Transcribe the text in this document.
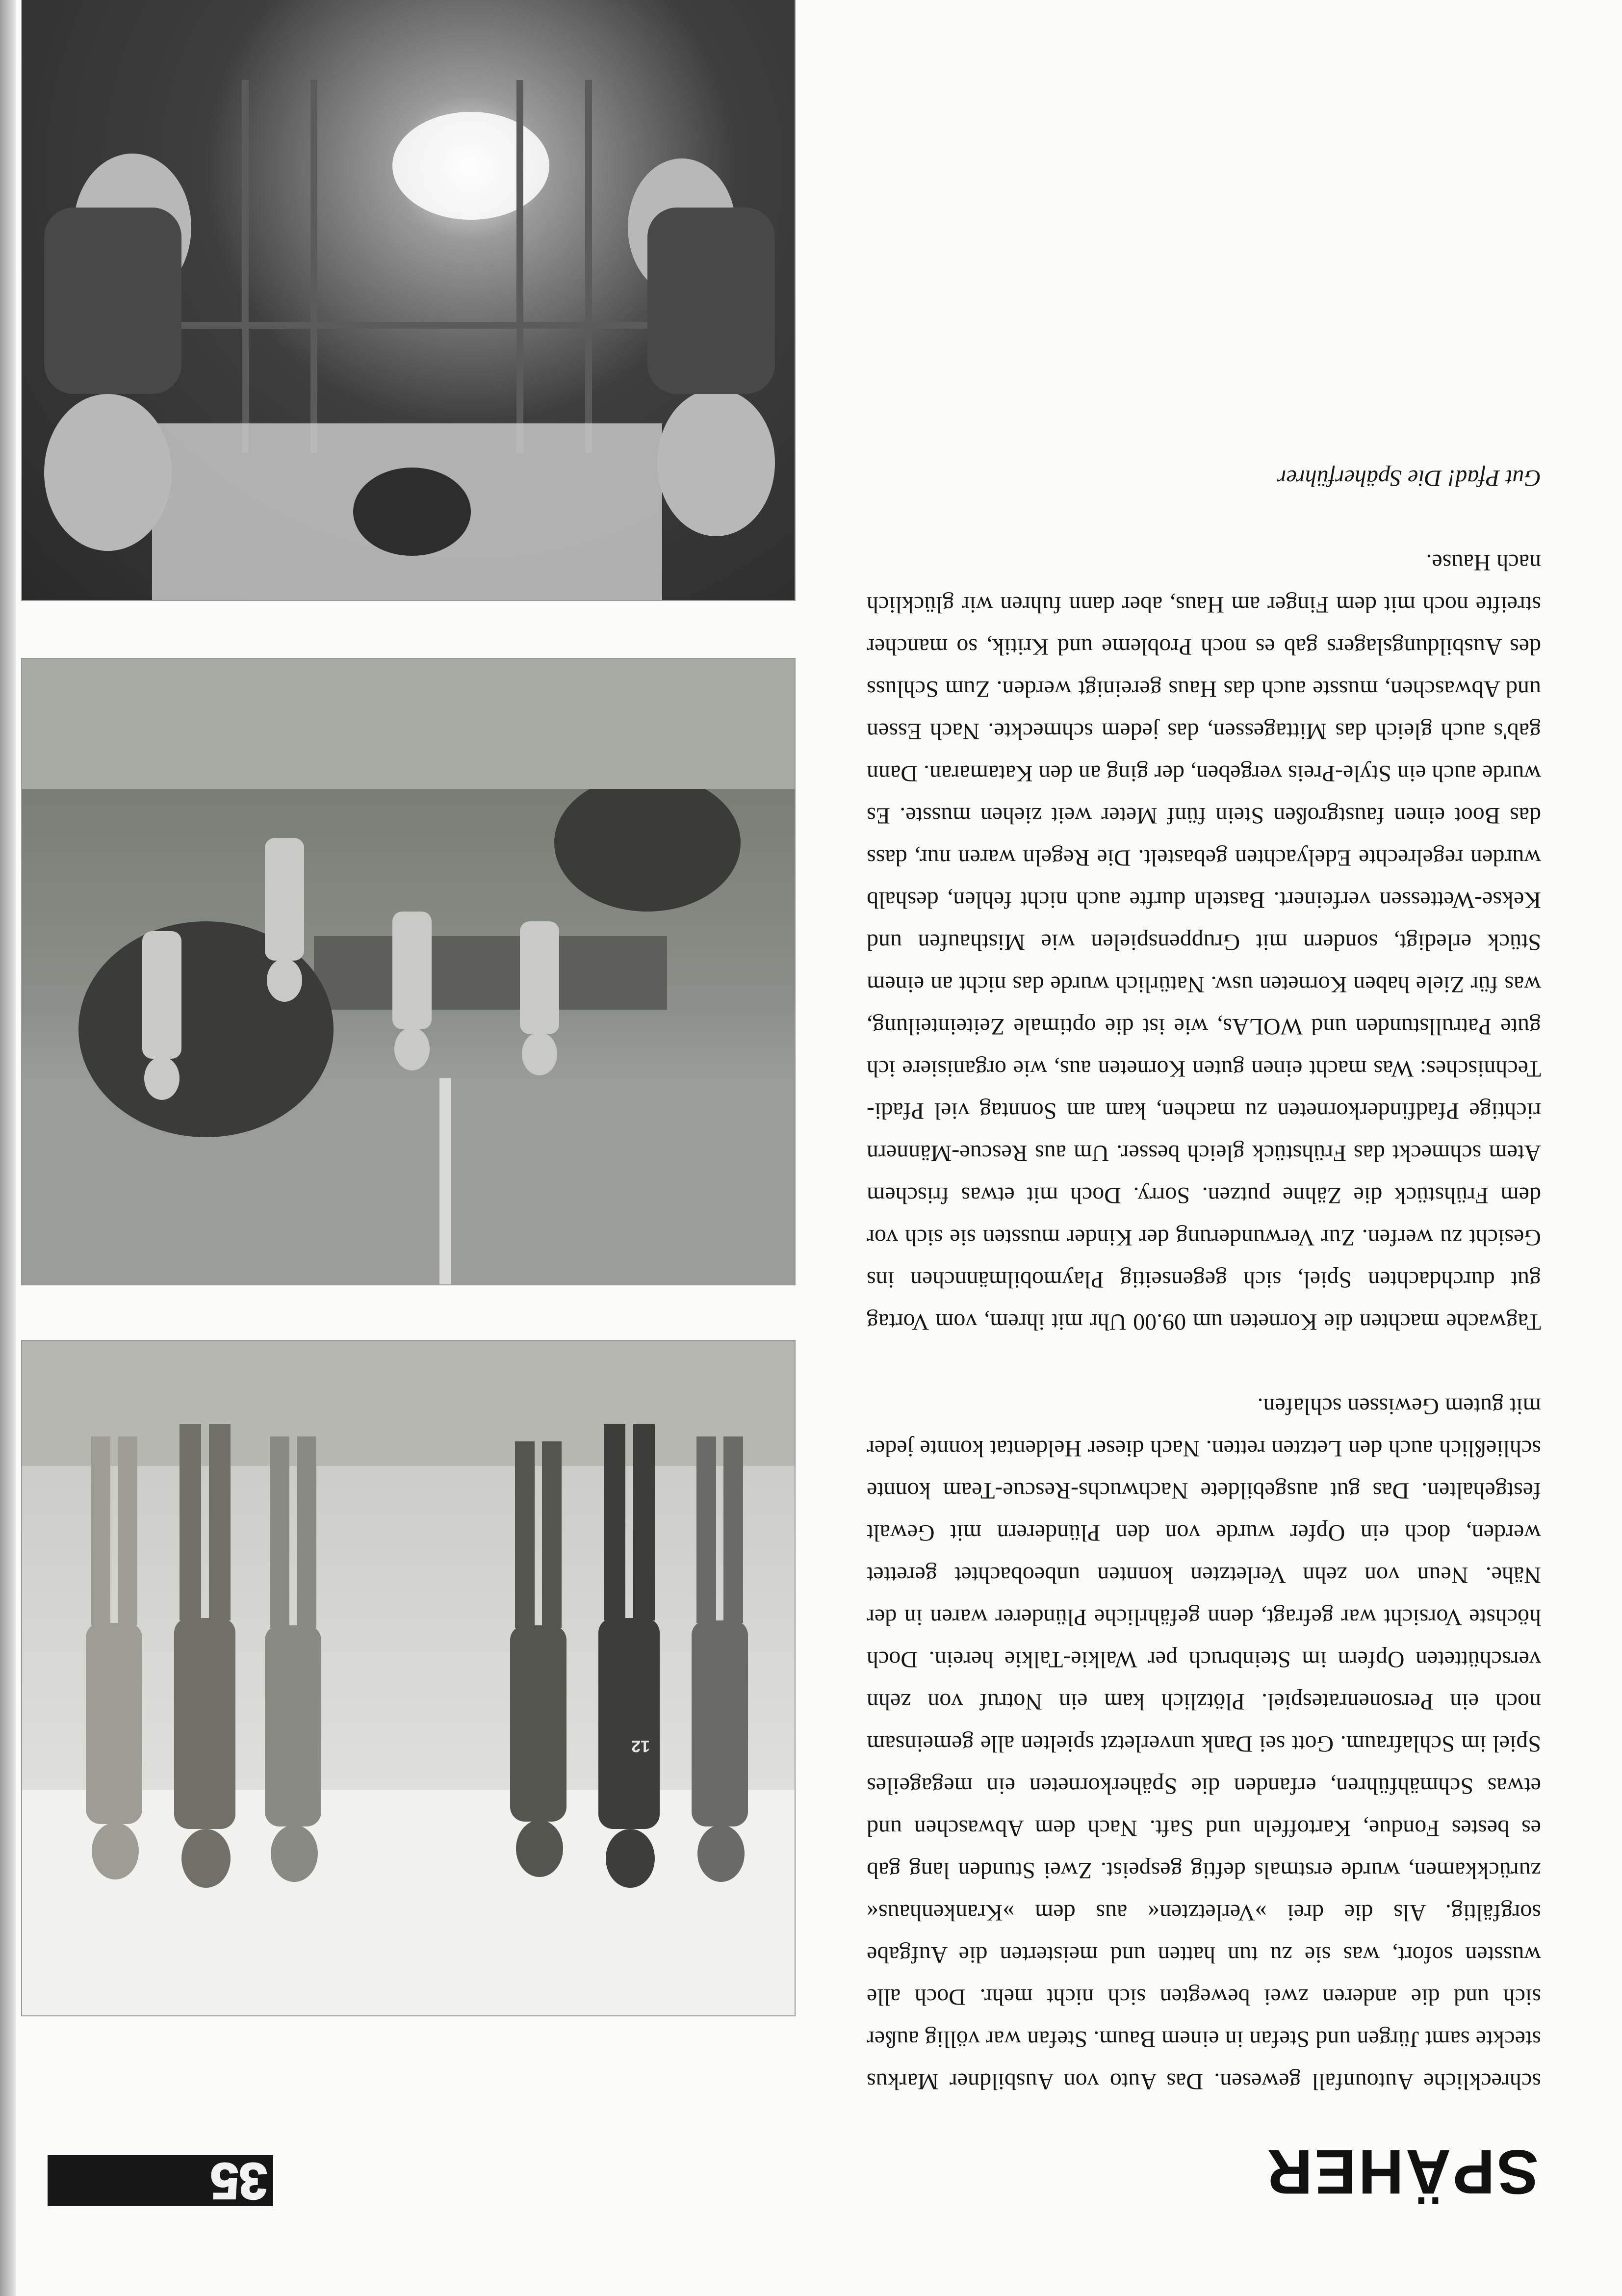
SPÄHER
35

schreckliche Autounfall gewesen. Das Auto von Ausbildner Markus steckte samt Jürgen und Stefan in einem Baum. Stefan war völlig außer sich und die anderen zwei bewegten sich nicht mehr. Doch alle wussten sofort, was sie zu tun hatten und meisterten die Aufgabe sorgfältig. Als die drei »Verletzten« aus dem »Krankenhaus« zurückkamen, wurde erstmals deftig gespeist. Zwei Stunden lang gab es bestes Fondue, Kartoffeln und Saft. Nach dem Abwaschen und etwas Schmähführen, erfanden die Späherkorneten ein megageiles Spiel im Schlafraum. Gott sei Dank unverletzt spielten alle gemeinsam noch ein Personenratespiel. Plötzlich kam ein Notruf von zehn verschütteten Opfern im Steinbruch per Walkie-Talkie herein. Doch höchste Vorsicht war gefragt, denn gefährliche Plünderer waren in der Nähe. Neun von zehn Verletzten konnten unbeobachtet gerettet werden, doch ein Opfer wurde von den Plünderern mit Gewalt festgehalten. Das gut ausgebildete Nachwuchs-Rescue-Team konnte schließlich auch den Letzten retten. Nach dieser Heldentat konnte jeder mit gutem Gewissen schlafen.

Tagwache machten die Korneten um 09.00 Uhr mit ihrem, vom Vortag gut durchdachten Spiel, sich gegenseitig Playmobilmännchen ins Gesicht zu werfen. Zur Verwunderung der Kinder mussten sie sich vor dem Frühstück die Zähne putzen. Sorry. Doch mit etwas frischem Atem schmeckt das Frühstück gleich besser. Um aus Rescue-Männern richtige Pfadfinderkorneten zu machen, kam am Sonntag viel Pfadi-Technisches: Was macht einen guten Korneten aus, wie organisiere ich gute Patrullstunden und WOLAs, wie ist die optimale Zeiteinteilung, was für Ziele haben Korneten usw. Natürlich wurde das nicht an einem Stück erledigt, sondern mit Gruppenspielen wie Misthaufen und Kekse-Wettessen verfeinert. Basteln durfte auch nicht fehlen, deshalb wurden regelrechte Edelyachten gebastelt. Die Regeln waren nur, dass das Boot einen faustgroßen Stein fünf Meter weit ziehen musste. Es wurde auch ein Style-Preis vergeben, der ging an den Katamaran. Dann gab's auch gleich das Mittagessen, das jedem schmeckte. Nach Essen und Abwaschen, musste auch das Haus gereinigt werden. Zum Schluss des Ausbildungslagers gab es noch Probleme und Kritik, so mancher streifte noch mit dem Finger am Haus, aber dann fuhren wir glücklich nach Hause.

Gut Pfad! Die Späherführer

12
